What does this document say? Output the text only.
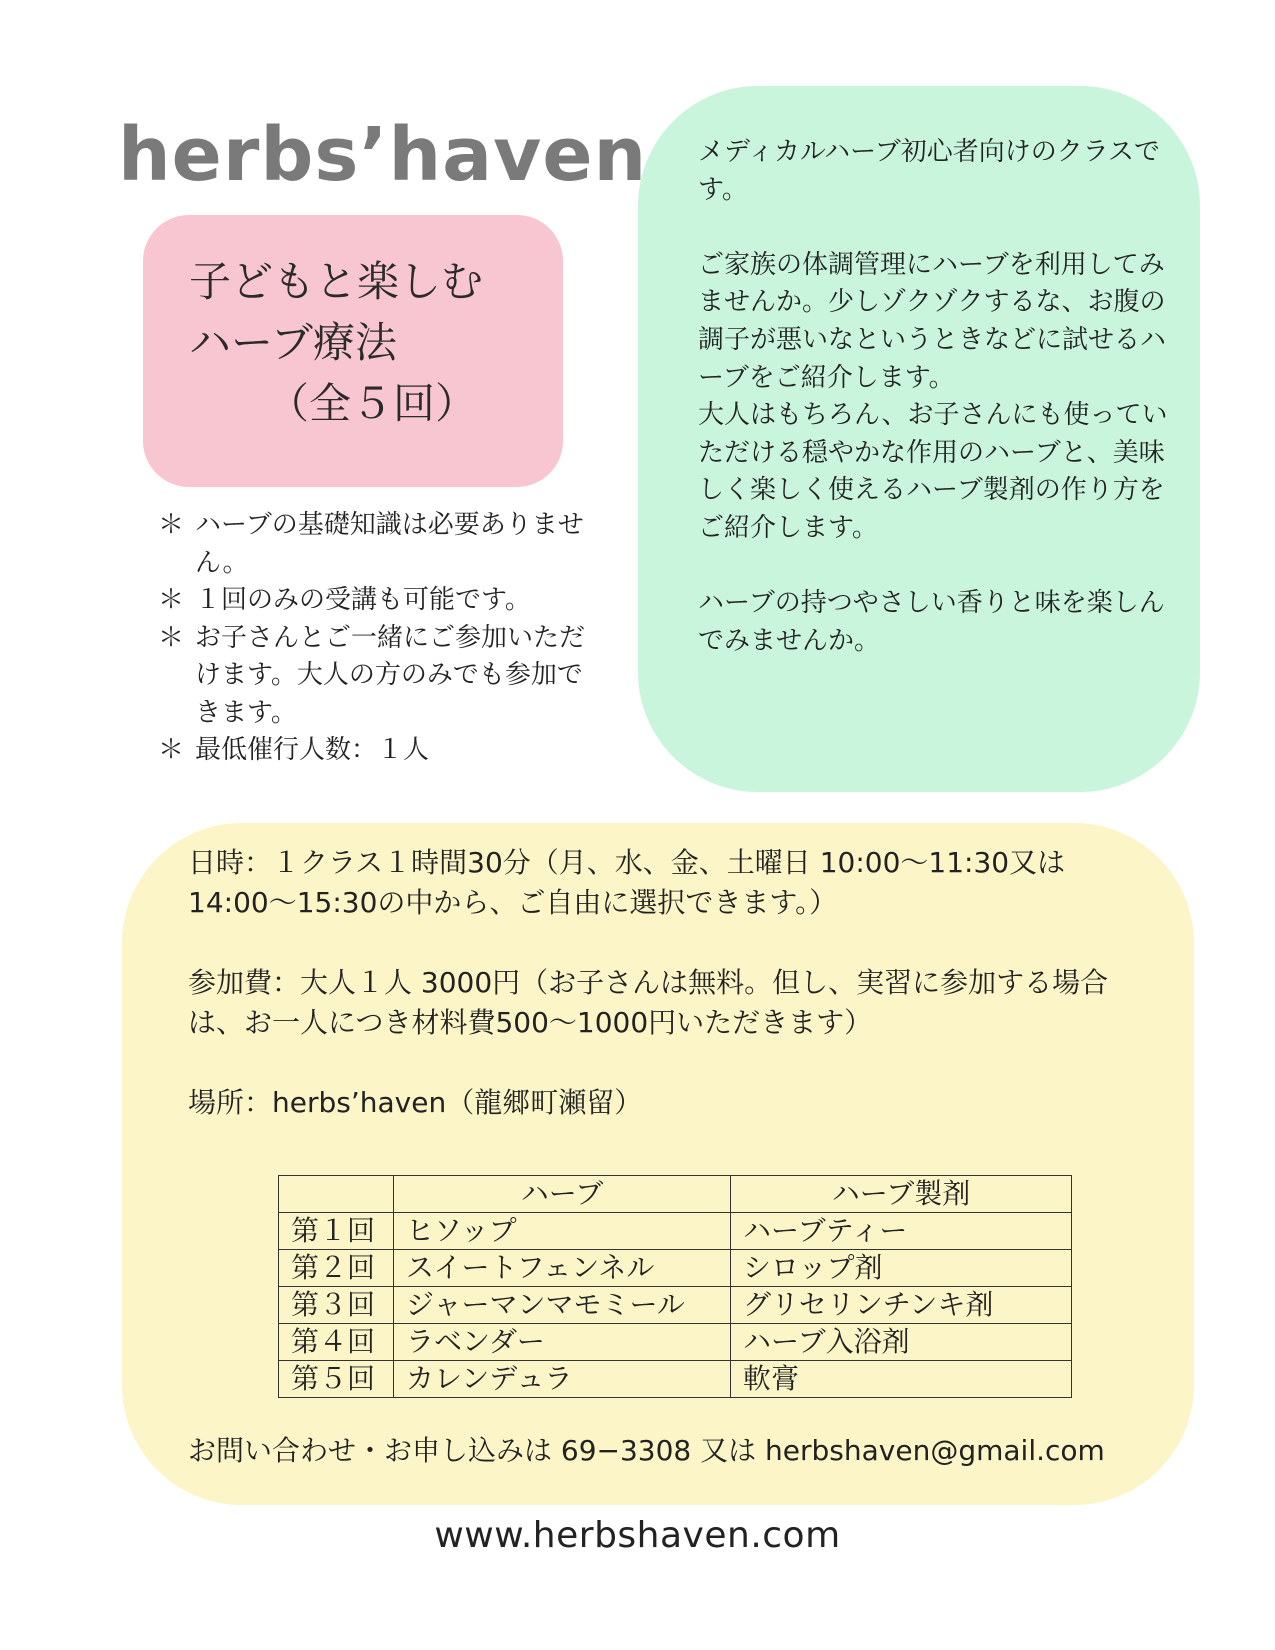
herbs’haven
子どもと楽しむ
ハーブ療法
（全５回）
＊ ハーブの基礎知識は必要ありません。
＊ １回のみの受講も可能です。
＊ お子さんとご一緒にご参加いただけます。大人の方のみでも参加できます。
＊ 最低催行人数：１人

メディカルハーブ初心者向けのクラスです。

ご家族の体調管理にハーブを利用してみませんか。少しゾクゾクするな、お腹の調子が悪いなというときなどに試せるハーブをご紹介します。

大人はもちろん、お子さんにも使っていただける穏やかな作用のハーブと、美味しく楽しく使えるハーブ製剤の作り方をご紹介します。

ハーブの持つやさしい香りと味を楽しんでみませんか。

日時：１クラス１時間30分（月、水、金、土曜日 10:00〜11:30又は14:00〜15:30の中から、ご自由に選択できます。）

参加費：大人１人 3000円（お子さんは無料。但し、実習に参加する場合は、お一人につき材料費500〜1000円いただきます）

場所：herbs’haven（龍郷町瀬留）

	ハーブ	ハーブ製剤
第１回	ヒソップ	ハーブティー
第２回	スイートフェンネル	シロップ剤
第３回	ジャーマンマモミール	グリセリンチンキ剤
第４回	ラベンダー	ハーブ入浴剤
第５回	カレンデュラ	軟膏

お問い合わせ・お申し込みは 69−3308 又は herbshaven@gmail.com

www.herbshaven.com
